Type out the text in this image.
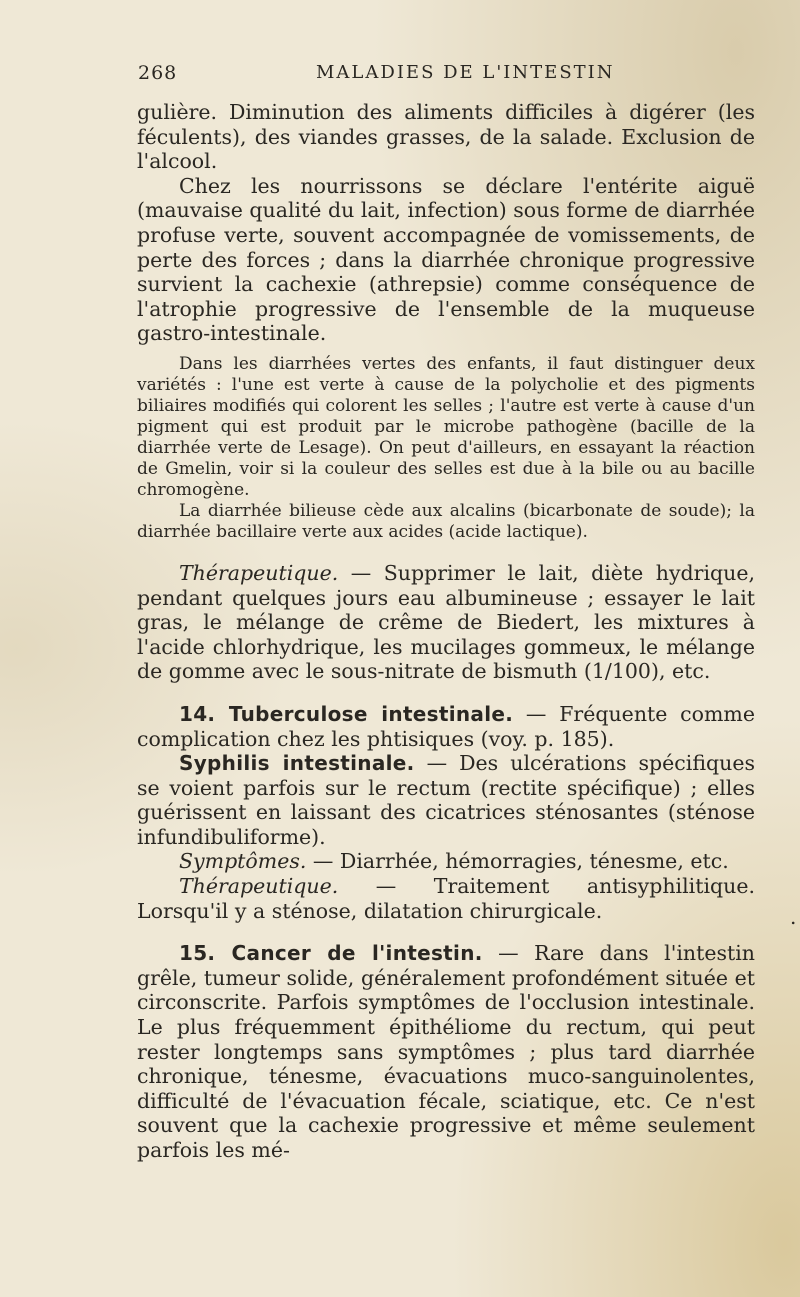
268	MALADIES DE L'INTESTIN

gulière. Diminution des aliments difficiles à digérer (les féculents), des viandes grasses, de la salade. Exclusion de l'alcool.

Chez les nourrissons se déclare l'entérite aiguë (mauvaise qualité du lait, infection) sous forme de diarrhée profuse verte, souvent accompagnée de vomissements, de perte des forces ; dans la diarrhée chronique progressive survient la cachexie (athrepsie) comme conséquence de l'atrophie progressive de l'ensemble de la muqueuse gastro-intestinale.

Dans les diarrhées vertes des enfants, il faut distinguer deux variétés : l'une est verte à cause de la polycholie et des pigments biliaires modifiés qui colorent les selles ; l'autre est verte à cause d'un pigment qui est produit par le microbe pathogène (bacille de la diarrhée verte de Lesage). On peut d'ailleurs, en essayant la réaction de Gmelin, voir si la couleur des selles est due à la bile ou au bacille chromogène.

La diarrhée bilieuse cède aux alcalins (bicarbonate de soude); la diarrhée bacillaire verte aux acides (acide lactique).

Thérapeutique. — Supprimer le lait, diète hydrique, pendant quelques jours eau albumineuse ; essayer le lait gras, le mélange de crême de Biedert, les mixtures à l'acide chlorhydrique, les mucilages gommeux, le mélange de gomme avec le sous-nitrate de bismuth (1/100), etc.

14. Tuberculose intestinale. — Fréquente comme complication chez les phtisiques (voy. p. 185).

Syphilis intestinale. — Des ulcérations spécifiques se voient parfois sur le rectum (rectite spécifique) ; elles guérissent en laissant des cicatrices sténosantes (sténose infundibuliforme).

Symptômes. — Diarrhée, hémorragies, ténesme, etc.

Thérapeutique. — Traitement antisyphilitique. Lorsqu'il y a sténose, dilatation chirurgicale.

15. Cancer de l'intestin. — Rare dans l'intestin grêle, tumeur solide, généralement profondément située et circonscrite. Parfois symptômes de l'occlusion intestinale. Le plus fréquemment épithéliome du rectum, qui peut rester longtemps sans symptômes ; plus tard diarrhée chronique, ténesme, évacuations muco-sanguinolentes, difficulté de l'évacuation fécale, sciatique, etc. Ce n'est souvent que la cachexie progressive et même seulement parfois les mé-

.
